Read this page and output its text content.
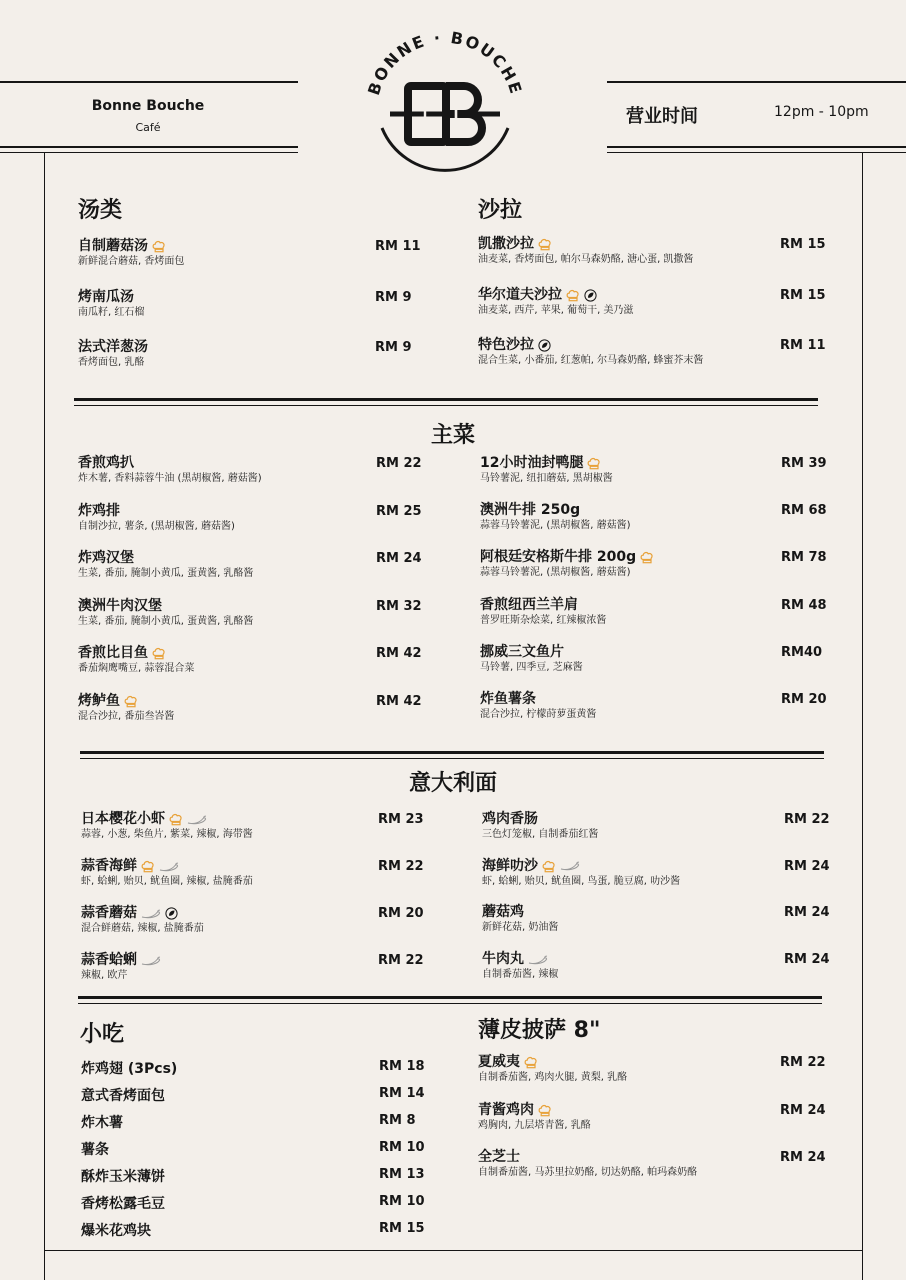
Bonne Bouche
Café
营业时间	12pm - 10pm
BONNE · BOUCHE
汤类	沙拉
主菜
意大利面
小吃	薄皮披萨 8"
自制蘑菇汤
新鲜混合蘑菇, 香烤面包
RM 11
烤南瓜汤
南瓜籽, 红石榴
RM 9
法式洋葱汤
香烤面包, 乳酪
RM 9
凯撒沙拉
油麦菜, 香烤面包, 帕尔马森奶酪, 溏心蛋, 凯撒酱
RM 15
华尔道夫沙拉
油麦菜, 西芹, 苹果, 葡萄干, 美乃滋
RM 15
特色沙拉
混合生菜, 小番茄, 红葱帕, 尔马森奶酪, 蜂蜜芥末酱
RM 11
香煎鸡扒
炸木薯, 香料蒜蓉牛油 (黑胡椒酱, 蘑菇酱)
RM 22
炸鸡排
自制沙拉, 薯条, (黑胡椒酱, 蘑菇酱)
RM 25
炸鸡汉堡
生菜, 番茄, 腌制小黄瓜, 蛋黄酱, 乳酪酱
RM 24
澳洲牛肉汉堡
生菜, 番茄, 腌制小黄瓜, 蛋黄酱, 乳酪酱
RM 32
香煎比目鱼
番茄焖鹰嘴豆, 蒜蓉混合菜
RM 42
烤鲈鱼
混合沙拉, 番茄叁峇酱
RM 42
12小时油封鸭腿
马铃薯泥, 纽扣蘑菇, 黑胡椒酱
RM 39
澳洲牛排 250g
蒜蓉马铃薯泥, (黑胡椒酱, 蘑菇酱)
RM 68
阿根廷安格斯牛排 200g
蒜蓉马铃薯泥, (黑胡椒酱, 蘑菇酱)
RM 78
香煎纽西兰羊肩
普罗旺斯杂烩菜, 红辣椒浓酱
RM 48
挪威三文鱼片
马铃薯, 四季豆, 芝麻酱
RM40
炸鱼薯条
混合沙拉, 柠檬莳萝蛋黄酱
RM 20
日本樱花小虾
蒜蓉, 小葱, 柴鱼片, 紫菜, 辣椒, 海带酱
RM 23
蒜香海鲜
虾, 蛤蜊, 贻贝, 鱿鱼圈, 辣椒, 盐腌番茄
RM 22
蒜香蘑菇
混合鲜蘑菇, 辣椒, 盐腌番茄
RM 20
蒜香蛤蜊
辣椒, 欧芹
RM 22
鸡肉香肠
三色灯笼椒, 自制番茄红酱
RM 22
海鲜叻沙
虾, 蛤蜊, 贻贝, 鱿鱼圈, 鸟蛋, 脆豆腐, 叻沙酱
RM 24
蘑菇鸡
新鲜花菇, 奶油酱
RM 24
牛肉丸
自制番茄酱, 辣椒
RM 24
夏威夷
自制番茄酱, 鸡肉火腿, 黄梨, 乳酪
RM 22
青酱鸡肉
鸡胸肉, 九层塔青酱, 乳酪
RM 24
全芝士
自制番茄酱, 马苏里拉奶酪, 切达奶酪, 帕玛森奶酪
RM 24
炸鸡翅 (3Pcs)	RM 18
意式香烤面包	RM 14
炸木薯	RM 8
薯条	RM 10
酥炸玉米薄饼	RM 13
香烤松露毛豆	RM 10
爆米花鸡块	RM 15
